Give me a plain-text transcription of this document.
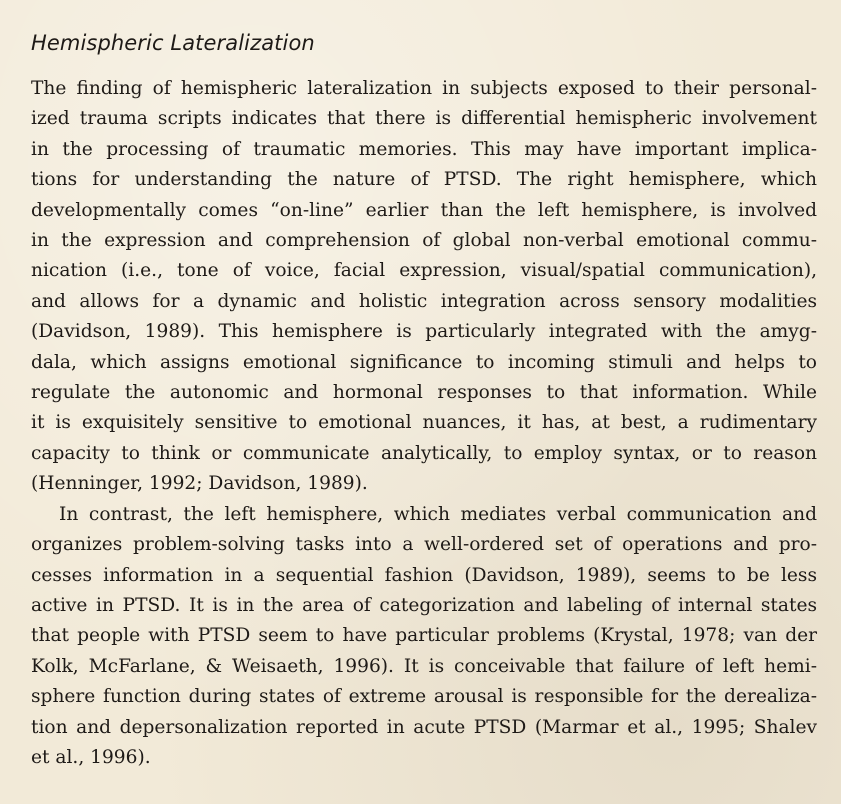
Hemispheric Lateralization

The finding of hemispheric lateralization in subjects exposed to their personal-
ized trauma scripts indicates that there is differential hemispheric involvement
in the processing of traumatic memories. This may have important implica-
tions for understanding the nature of PTSD. The right hemisphere, which
developmentally comes “on-line” earlier than the left hemisphere, is involved
in the expression and comprehension of global non-verbal emotional commu-
nication (i.e., tone of voice, facial expression, visual/spatial communication),
and allows for a dynamic and holistic integration across sensory modalities
(Davidson, 1989). This hemisphere is particularly integrated with the amyg-
dala, which assigns emotional significance to incoming stimuli and helps to
regulate the autonomic and hormonal responses to that information. While
it is exquisitely sensitive to emotional nuances, it has, at best, a rudimentary
capacity to think or communicate analytically, to employ syntax, or to reason
(Henninger, 1992; Davidson, 1989).

In contrast, the left hemisphere, which mediates verbal communication and
organizes problem-solving tasks into a well-ordered set of operations and pro-
cesses information in a sequential fashion (Davidson, 1989), seems to be less
active in PTSD. It is in the area of categorization and labeling of internal states
that people with PTSD seem to have particular problems (Krystal, 1978; van der
Kolk, McFarlane, & Weisaeth, 1996). It is conceivable that failure of left hemi-
sphere function during states of extreme arousal is responsible for the derealiza-
tion and depersonalization reported in acute PTSD (Marmar et al., 1995; Shalev
et al., 1996).
